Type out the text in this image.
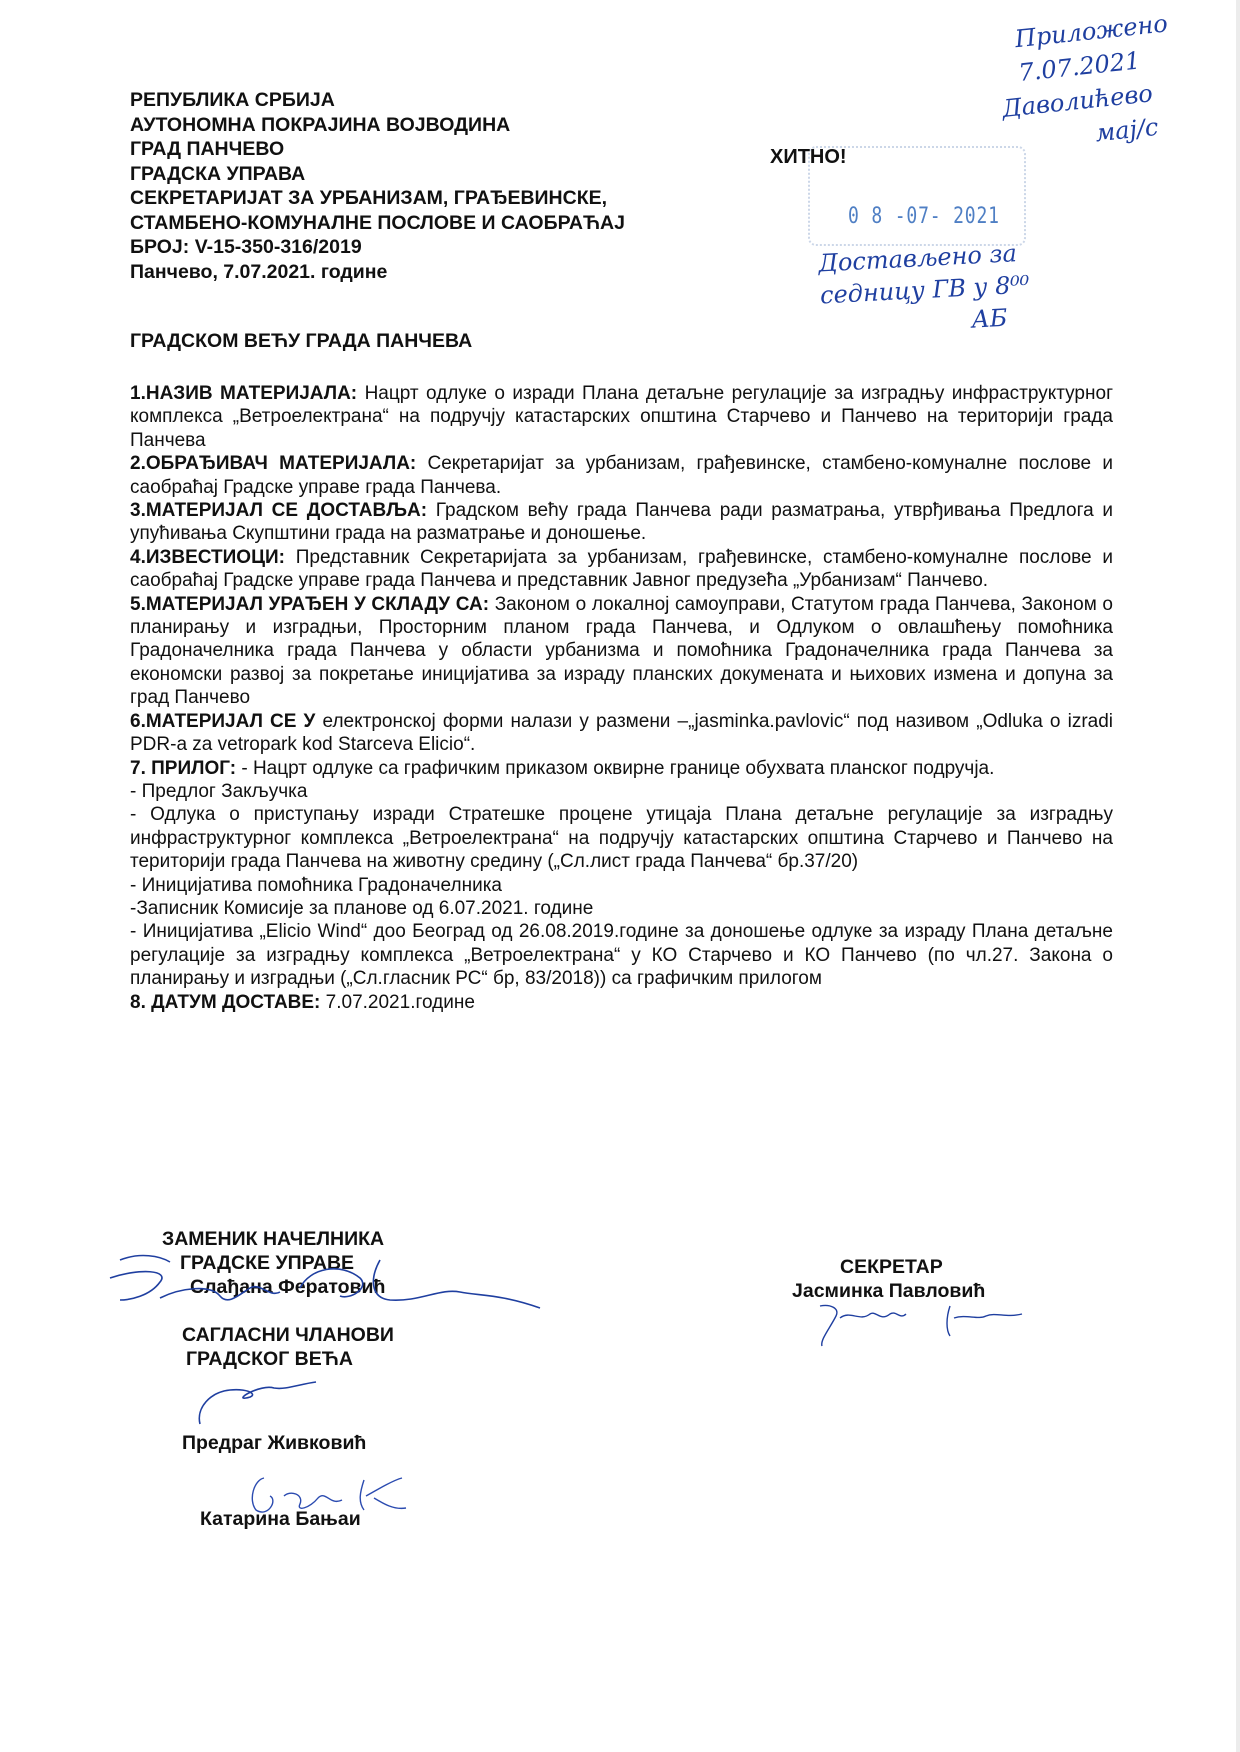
РЕПУБЛИКА СРБИЈА
АУТОНОМНА ПОКРАЈИНА ВОЈВОДИНА
ГРАД ПАНЧЕВО
ГРАДСКА УПРАВА
СЕКРЕТАРИЈАТ ЗА УРБАНИЗАМ, ГРАЂЕВИНСКЕ,
СТАМБЕНО-КОМУНАЛНЕ ПОСЛОВЕ И САОБРАЋАЈ
БРОЈ: V-15-350-316/2019
Панчево, 7.07.2021. године
0 8 -07- 2021
ХИТНО!
Приложено
7.07.2021
Даволићево
мај/с
Достављено за
седницу ГВ у 8⁰⁰
АБ
ГРАДСКОМ ВЕЋУ ГРАДА ПАНЧЕВА

1.НАЗИВ МАТЕРИЈАЛА: Нацрт одлуке о изради Плана детаљне регулације за изградњу инфраструктурног комплекса „Ветроелектрана“ на подручју катастарских општина Старчево и Панчево на територији града Панчева

2.ОБРАЂИВАЧ МАТЕРИЈАЛА: Секретаријат за урбанизам, грађевинске, стамбено-комуналне послове и саобраћај Градске управе града Панчева.

3.МАТЕРИЈАЛ СЕ ДОСТАВЉА: Градском већу града Панчева ради разматрања, утврђивања Предлога и упућивања Скупштини града на разматрање и доношење.

4.ИЗВЕСТИОЦИ: Представник Секретаријата за урбанизам, грађевинске, стамбено-комуналне послове и саобраћај Градске управе града Панчева и представник Јавног предузећа „Урбанизам“ Панчево.

5.МАТЕРИЈАЛ УРАЂЕН У СКЛАДУ СА: Законом о локалној самоуправи, Статутом града Панчева, Законом о планирању и изградњи, Просторним планом града Панчева, и Одлуком о овлашћењу помоћника Градоначелника града Панчева у области урбанизма и помоћника Градоначелника града Панчева за економски развој за покретање иницијатива за израду планских докумената и њихових измена и допуна за град Панчево

6.МАТЕРИЈАЛ СЕ У електронској форми налази у размени –„jasminka.pavlovic“ под називом „Odluka o izradi PDR-a za vetropark kod Starceva Elicio“.

7. ПРИЛОГ: - Нацрт одлуке са графичким приказом оквирне границе обухвата планског подручја.

- Предлог Закључка

- Одлука о приступању изради Стратешке процене утицаја Плана детаљне регулације за изградњу инфраструктурног комплекса „Ветроелектрана“ на подручју катастарских општина Старчево и Панчево на територији града Панчева на животну средину („Сл.лист града Панчева“ бр.37/20)

- Иницијатива помоћника Градоначелника

-Записник Комисије за планове од 6.07.2021. године

- Иницијатива „Elicio Wind“ доо Београд од 26.08.2019.године за доношење одлуке за израду Плана детаљне регулације за изградњу комплекса „Ветроелектрана“ у КО Старчево и КО Панчево (по чл.27. Закона о планирању и изградњи („Сл.гласник РС“ бр, 83/2018)) са графичким прилогом

8. ДАТУМ ДОСТАВЕ: 7.07.2021.године

ЗАМЕНИК НАЧЕЛНИКА
ГРАДСКЕ УПРАВЕ
Слађана Фератовић
САГЛАСНИ ЧЛАНОВИ
ГРАДСКОГ ВЕЋА
Предраг Живковић
Катарина Бањаи
СЕКРЕТАР
Јасминка Павловић
